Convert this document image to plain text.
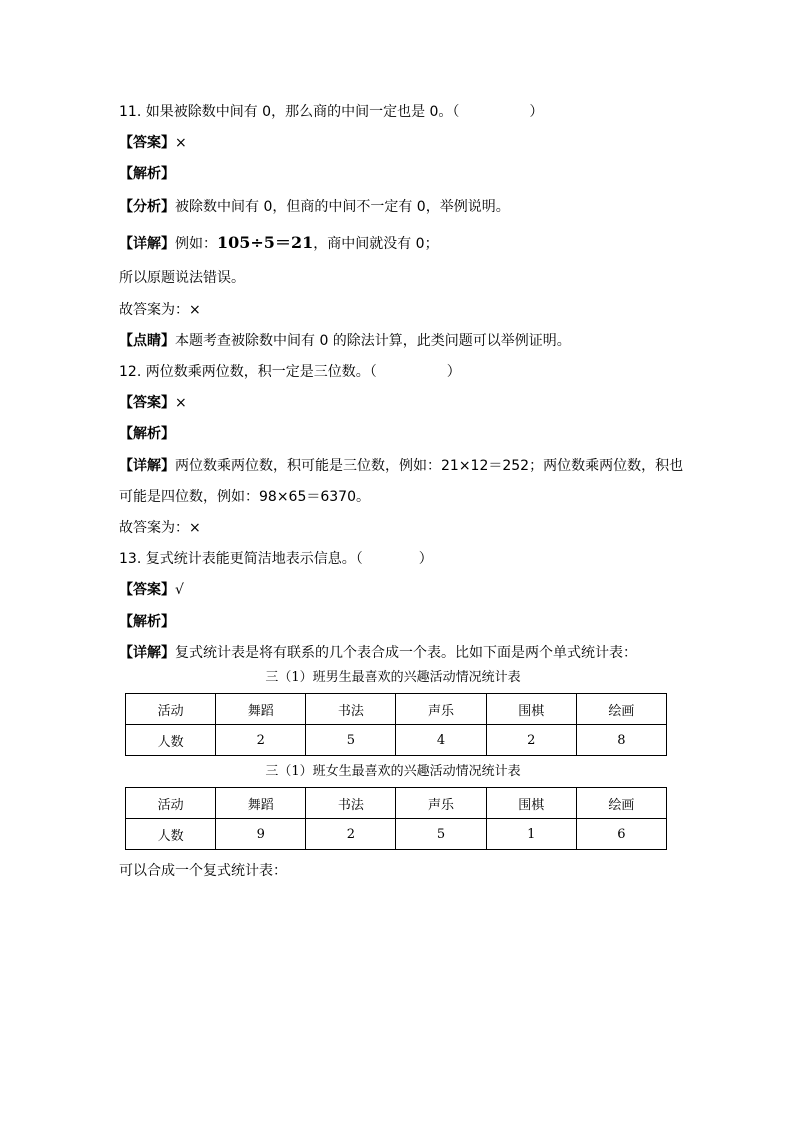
11. 如果被除数中间有 0，那么商的中间一定也是 0。（　　　　　）
【答案】×
【解析】
【分析】被除数中间有 0，但商的中间不一定有 0，举例说明。
【详解】例如：105÷5＝21，商中间就没有 0；
所以原题说法错误。
故答案为：×
【点睛】本题考查被除数中间有 0 的除法计算，此类问题可以举例证明。
12. 两位数乘两位数，积一定是三位数。（　　　　　）
【答案】×
【解析】
【详解】两位数乘两位数，积可能是三位数，例如：21×12＝252；两位数乘两位数，积也
可能是四位数，例如：98×65＝6370。
故答案为：×
13. 复式统计表能更简洁地表示信息。（　　　　）
【答案】√
【解析】
【详解】复式统计表是将有联系的几个表合成一个表。比如下面是两个单式统计表：
三（1）班男生最喜欢的兴趣活动情况统计表
活动	舞蹈	书法	声乐	围棋	绘画
人数	2	5	4	2	8
三（1）班女生最喜欢的兴趣活动情况统计表
活动	舞蹈	书法	声乐	围棋	绘画
人数	9	2	5	1	6
可以合成一个复式统计表：
